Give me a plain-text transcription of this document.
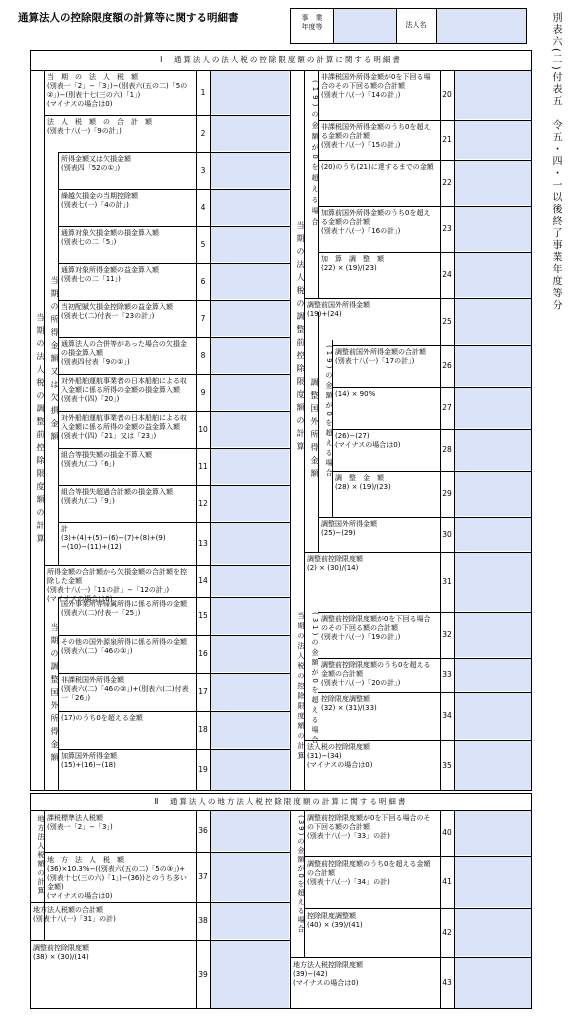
通算法人の控除限度額の計算等に関する明細書	事　業
年度等	法人名	別表六(二)付表五　令五・四・一以後終了事業年度等分
Ⅰ　通算法人の法人税の控除限度額の計算に関する明細書
当期の法人税の調整前控除限度額の計算 当期の所得金額又は欠損金額
当期の調整国外所得金額
当期の法人税の調整前控除限度額の計算
(19)の金額が0を超える場合
調整国外所得金額 (19)の金額が0を超える場合
当期の法人税の控除限度額の計算 (31)の金額が0を超える場合
Ⅱ　通算法人の地方法人税控除限度額の計算に関する明細書
地方法人税額の計算	(39)の金額が0を超える場合
当　期　の　法　人　税　額
(別表一「2」−「3」)−(別表六(五の二)「5の②」)−(別表十七(三の六)「1」)
(マイナスの場合は0)
1
法　人　税　額　の　合　計　額
(別表十八(一)「9の計」)	2
所得金額又は欠損金額
(別表四「52の①」)	3
繰越欠損金の当期控除額
(別表七(一)「4の計」)	4
通算対象欠損金額の損金算入額
(別表七の二「5」)	5
通算対象所得金額の益金算入額
(別表七の二「11」)	6
当初配賦欠損金控除額の益金算入額
(別表七(二)付表一「23の計」)	7
通算法人の合併等があった場合の欠損金の損金算入額
(別表四付表「9の①」)
8
対外船舶運航事業者の日本船舶による収入金額に係る所得の金額の損金算入額
(別表十(四)「20」)
9
対外船舶運航事業者の日本船舶による収入金額に係る所得の金額の益金算入額
(別表十(四)「21」又は「23」)
10
組合等損失額の損金不算入額
(別表九(二)「6」)	11
組合等損失超過合計額の損金算入額
(別表九(二)「9」)	12
計
(3)+(4)+(5)−(6)−(7)+(8)+(9)
−(10)−(11)+(12)	13
所得金額の合計額から欠損金額の合計額を控除した金額
(別表十八(一)「11の計」−「12の計」)
(マイナスの場合は0)
14
国外事業所等帰属所得に係る所得の金額
(別表六(二)付表一「25」)	15
その他の国外源泉所得に係る所得の金額
(別表六(二)「46の①」)	16
非課税国外所得金額
(別表六(二)「46の②」)+(別表六(二)付表一「26」)
17
(17)のうち0を超える金額
18
加算国外所得金額
(15)+(16)−(18)	19
非課税国外所得金額が0を下回る場合のその下回る額の合計額
(別表十八(一)「14の計」)	20
非課税国外所得金額のうち0を超える金額の合計額
(別表十八(一)「15の計」)
21
(20)のうち(21)に達するまでの金額
22
加算前国外所得金額のうち0を超える金額の合計額
(別表十八(一)「16の計」)	23
加　算　調　整　額
(22) × (19)/(23)
24
調整前国外所得金額
(19)+(24)
25
調整前国外所得金額の合計額
(別表十八(一)「17の計」)	26
(14) × 90%
27
(26)−(27)
(マイナスの場合は0)	28
調　整　金　額
(28) × (19)/(23)
29
調整国外所得金額
(25)−(29)	30
調整前控除限度額
(2) × (30)/(14)
31
調整前控除限度額が0を下回る場合のその下回る額の合計額
(別表十八(一)「19の計」)	32
調整前控除限度額のうち0を超える金額の合計額
(別表十八(一)「20の計」)
33
控除限度調整額
(32) × (31)/(33)
34
法人税の控除限度額
(31)−(34)
(マイナスの場合は0)	35
課税標準法人税額
(別表一「2」−「3」)	36
地　方　法　人　税　額
(36)×10.3%−((別表六(五の二)「5の③」)+(別表十七(三の六)「1」)−(36))とのうち多い金額)
(マイナスの場合は0)
37
地方法人税額の合計額
(別表十八(一)「31」の計)	38
調整前控除限度額
(38) × (30)/(14)
39
調整前控除限度額が0を下回る場合のその下回る額の合計額
(別表十八(一)「33」の計)	40
調整前控除限度額のうち0を超える金額の合計額
(別表十八(一)「34」の計)	41
控除限度調整額
(40) × (39)/(41)
42
地方法人税控除限度額
(39)−(42)
(マイナスの場合は0)	43
